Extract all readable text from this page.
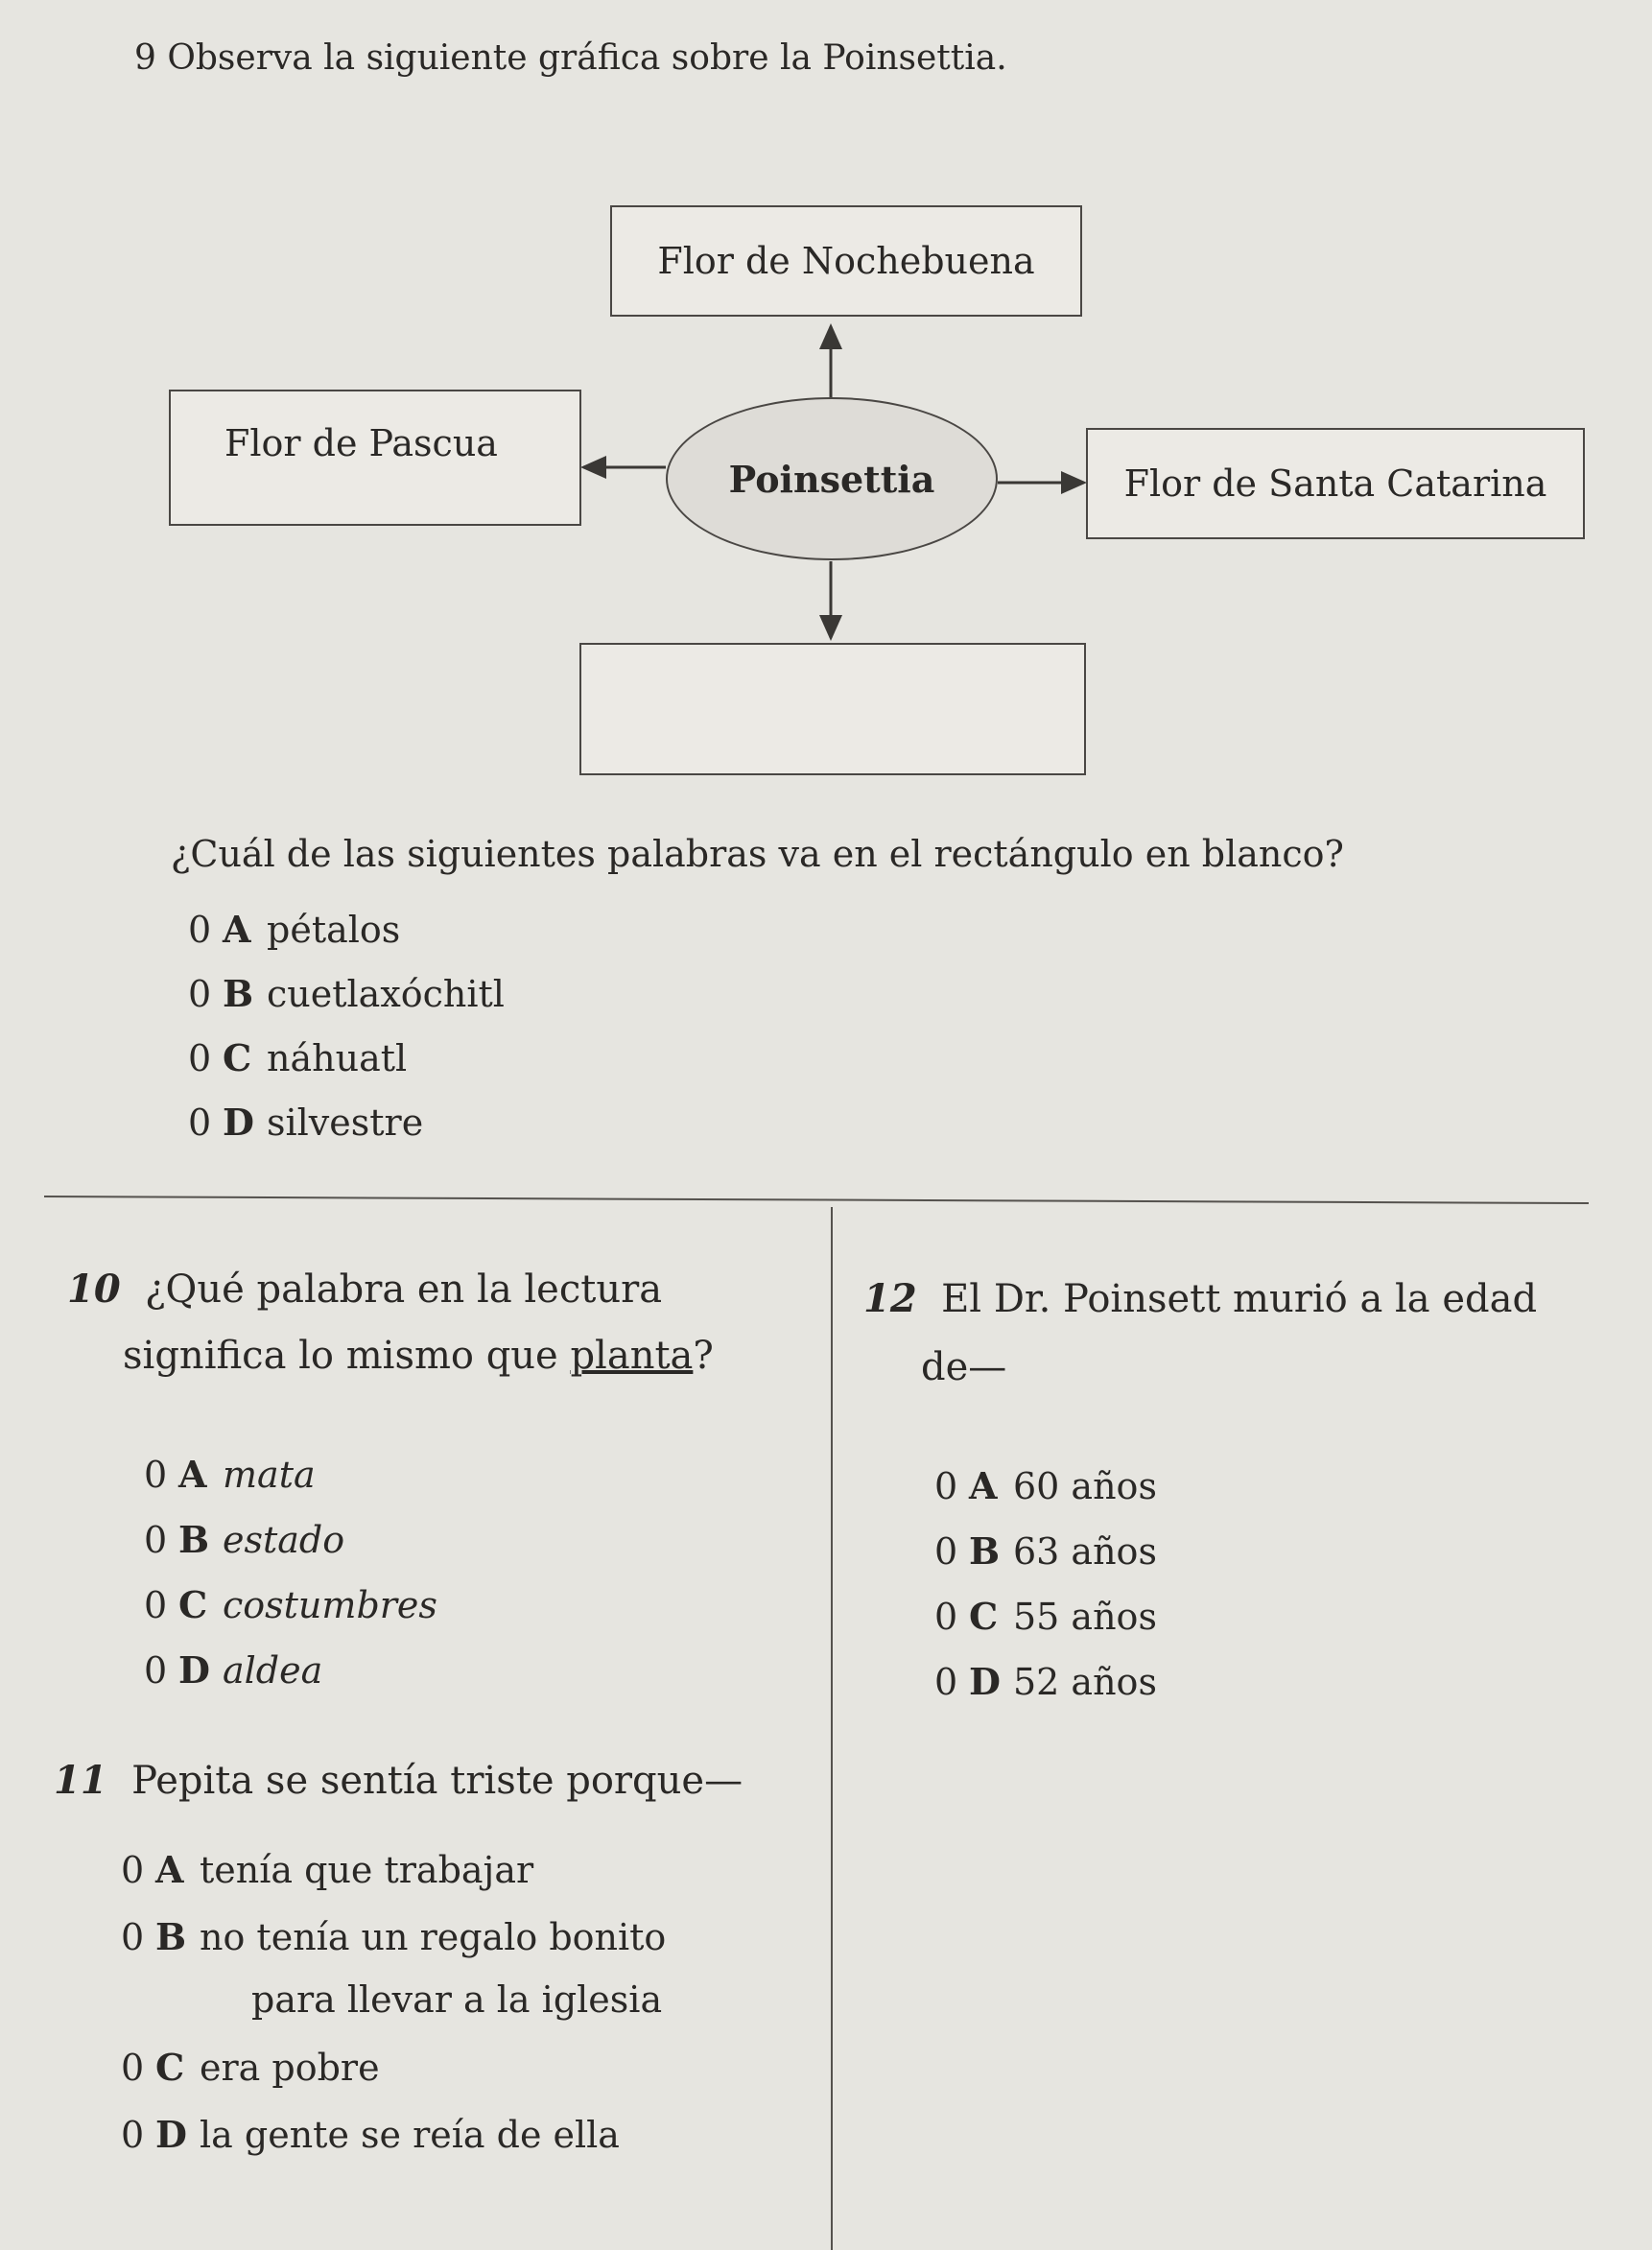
9 Observa la siguiente gráfica sobre la Poinsettia.
Flor de Nochebuena
Flor de Pascua
Poinsettia	Flor de Santa Catarina
¿Cuál de las siguientes palabras va en el rectángulo en blanco?
0 A pétalos
0 B cuetlaxóchitl
0 C náhuatl
0 D silvestre
10 ¿Qué palabra en la lectura
significa lo mismo que planta?
0 A mata
0 B estado
0 C costumbres
0 D aldea
11 Pepita se sentía triste porque—
0 A tenía que trabajar
0 B no tenía un regalo bonito
para llevar a la iglesia
0 C era pobre
0 D la gente se reía de ella
12 El Dr. Poinsett murió a la edad
de—
0 A 60 años
0 B 63 años
0 C 55 años
0 D 52 años
